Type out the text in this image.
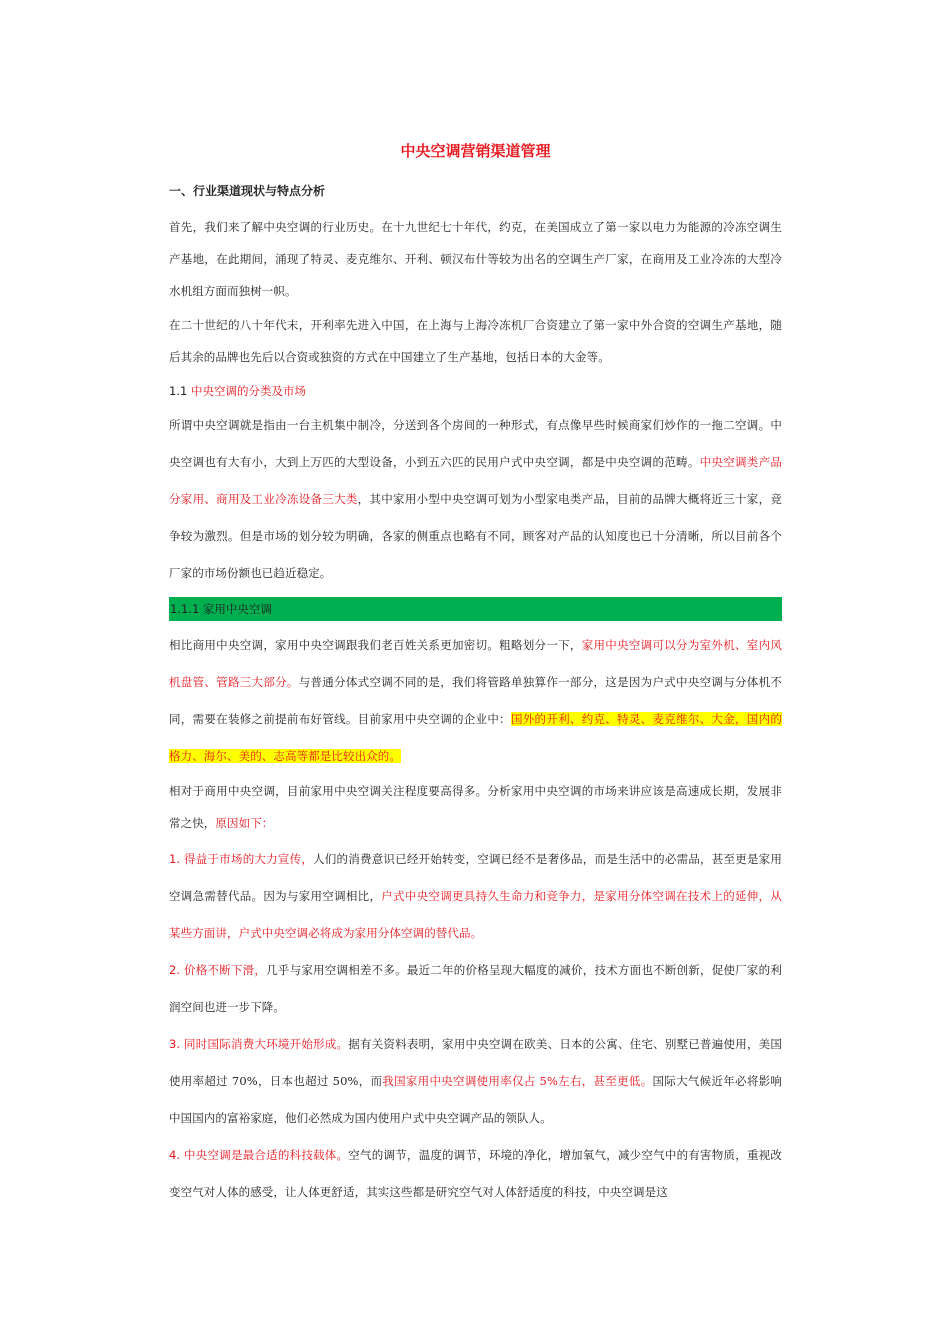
中央空调营销渠道管理
一、行业渠道现状与特点分析

首先，我们来了解中央空调的行业历史。在十九世纪七十年代，约克，在美国成立了第一家以电力为能源的冷冻空调生产基地，在此期间，涌现了特灵、麦克维尔、开利、顿汉布什等较为出名的空调生产厂家，在商用及工业冷冻的大型冷水机组方面而独树一帜。

在二十世纪的八十年代末，开利率先进入中国，在上海与上海冷冻机厂合资建立了第一家中外合资的空调生产基地，随后其余的品牌也先后以合资或独资的方式在中国建立了生产基地，包括日本的大金等。

1.1 中央空调的分类及市场

所谓中央空调就是指由一台主机集中制冷，分送到各个房间的一种形式，有点像早些时候商家们炒作的一拖二空调。中央空调也有大有小，大到上万匹的大型设备，小到五六匹的民用户式中央空调，都是中央空调的范畴。中央空调类产品分家用、商用及工业冷冻设备三大类，其中家用小型中央空调可划为小型家电类产品，目前的品牌大概将近三十家，竞争较为激烈。但是市场的划分较为明确，各家的侧重点也略有不同，顾客对产品的认知度也已十分清晰，所以目前各个厂家的市场份额也已趋近稳定。

1.1.1 家用中央空调

相比商用中央空调，家用中央空调跟我们老百姓关系更加密切。粗略划分一下，家用中央空调可以分为室外机、室内风机盘管、管路三大部分。与普通分体式空调不同的是，我们将管路单独算作一部分，这是因为户式中央空调与分体机不同，需要在装修之前提前布好管线。目前家用中央空调的企业中：国外的开利、约克、特灵、麦克维尔、大金，国内的格力、海尔、美的、志高等都是比较出众的。

相对于商用中央空调，目前家用中央空调关注程度要高得多。分析家用中央空调的市场来讲应该是高速成长期，发展非常之快，原因如下：

1. 得益于市场的大力宣传，人们的消费意识已经开始转变，空调已经不是奢侈品，而是生活中的必需品，甚至更是家用空调急需替代品。因为与家用空调相比，户式中央空调更具持久生命力和竞争力，是家用分体空调在技术上的延伸，从某些方面讲，户式中央空调必将成为家用分体空调的替代品。

2. 价格不断下滑，几乎与家用空调相差不多。最近二年的价格呈现大幅度的减价，技术方面也不断创新，促使厂家的利润空间也进一步下降。

3. 同时国际消费大环境开始形成。据有关资料表明，家用中央空调在欧美、日本的公寓、住宅、别墅已普遍使用，美国使用率超过 70%，日本也超过 50%，而我国家用中央空调使用率仅占 5%左右，甚至更低。国际大气候近年必将影响中国国内的富裕家庭，他们必然成为国内使用户式中央空调产品的领队人。

4. 中央空调是最合适的科技载体。空气的调节，温度的调节，环境的净化，增加氧气，减少空气中的有害物质，重视改变空气对人体的感受，让人体更舒适，其实这些都是研究空气对人体舒适度的科技，中央空调是这
